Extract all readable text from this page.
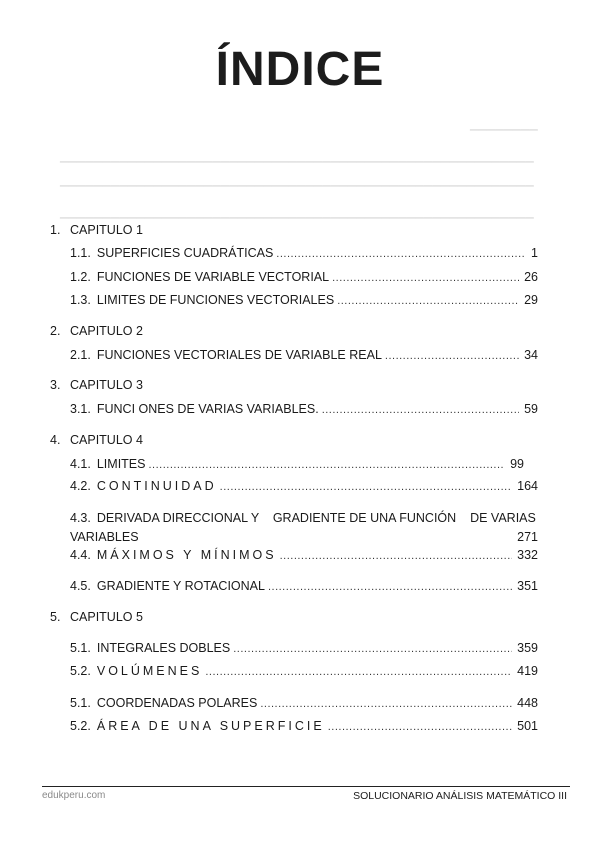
▁▁▁▁▁▁▁▁
▁▁▁▁▁▁▁▁▁▁▁▁▁▁▁▁▁▁▁▁▁▁▁▁▁▁▁▁▁▁▁▁▁▁▁▁▁▁▁▁▁▁▁▁▁▁▁▁▁▁▁▁▁▁▁▁
▁▁▁▁▁▁▁▁▁▁▁▁▁▁▁▁▁▁▁▁▁▁▁▁▁▁▁▁▁▁▁▁▁▁▁▁▁▁▁▁▁▁▁▁▁▁▁▁▁▁▁▁▁▁▁▁
▁▁▁▁▁▁▁▁▁▁▁▁▁▁▁▁▁▁▁▁▁▁▁▁▁▁▁▁▁▁▁▁▁▁▁▁▁▁▁▁▁▁▁▁▁▁▁▁▁▁▁▁▁▁▁▁
ÍNDICE
1. CAPITULO 1
1.1. SUPERFICIES CUADRÁTICAS .....	1
1.2. FUNCIONES DE VARIABLE VECTORIAL .....	26
1.3. LIMITES DE FUNCIONES VECTORIALES .....	29
2. CAPITULO 2
2.1. FUNCIONES VECTORIALES DE VARIABLE REAL .....	34
3. CAPITULO 3
3.1. FUNCI ONES DE VARIAS VARIABLES. .....	59
4. CAPITULO 4
4.1. LIMITES .....	99
4.2. CONTINUIDAD .....	164
4.3. DERIVADA DIRECCIONAL Y    GRADIENTE DE UNA FUNCIÓN    DE VARIAS
VARIABLES	271
4.4. MÁXIMOS Y MÍNIMOS .....	332
4.5. GRADIENTE Y ROTACIONAL .....	351
5. CAPITULO 5
5.1. INTEGRALES DOBLES .....	359
5.2. VOLÚMENES .....	419
5.1. COORDENADAS POLARES .....	448
5.2. ÁREA DE UNA SUPERFICIE .....	501
edukperu.com	SOLUCIONARIO ANÁLISIS MATEMÁTICO III
